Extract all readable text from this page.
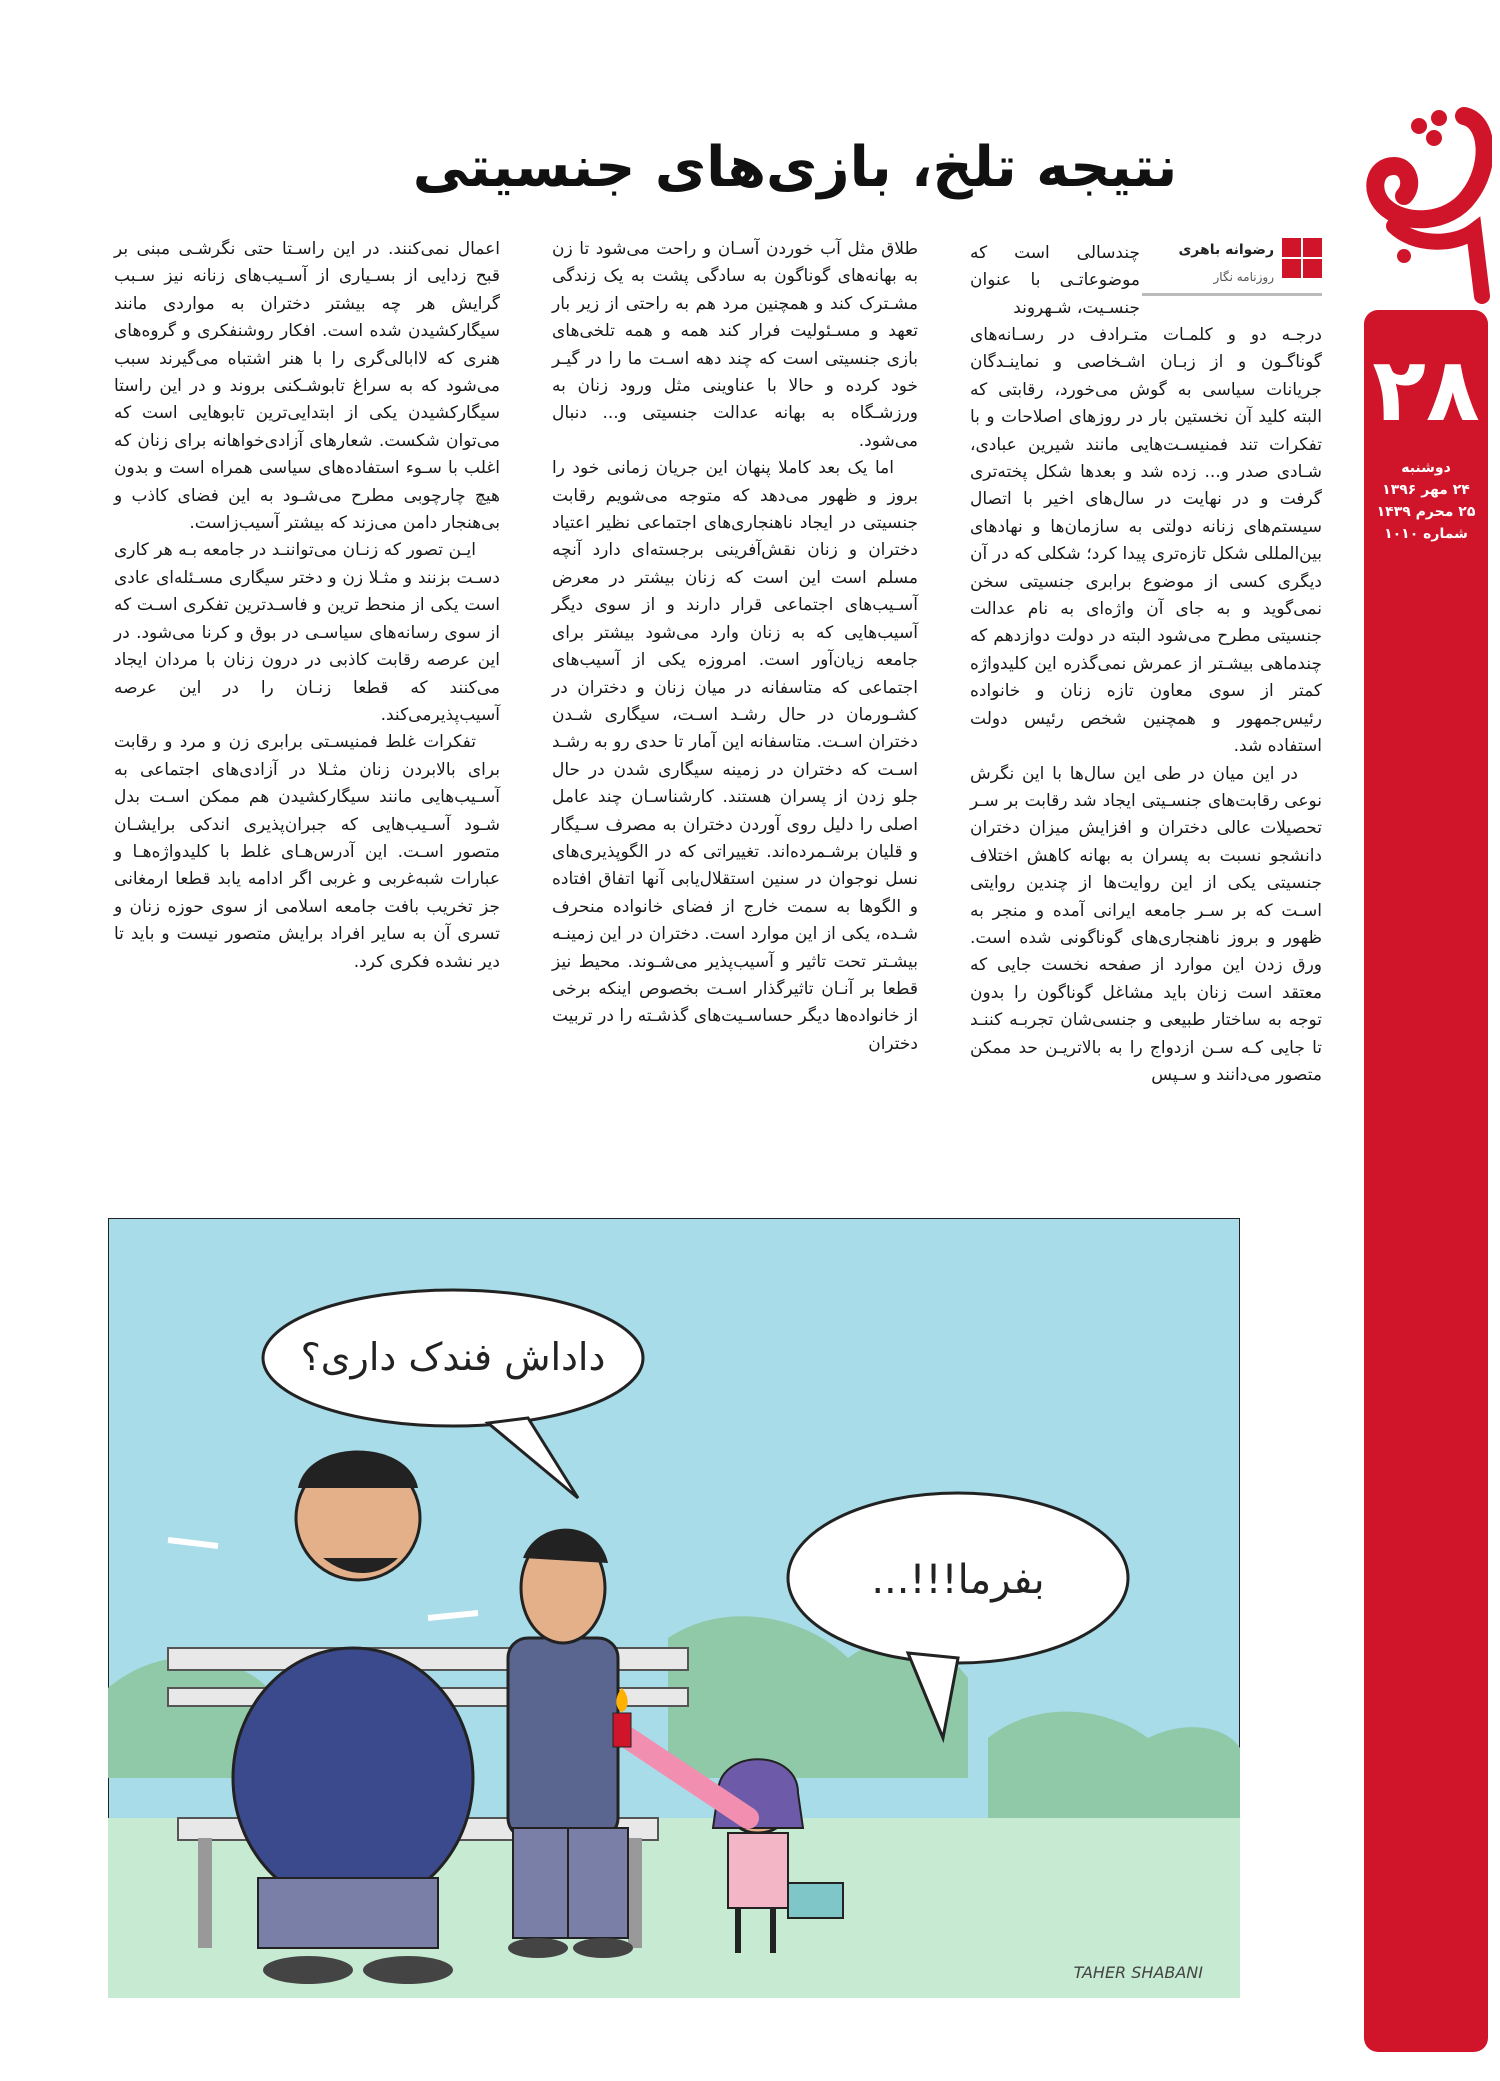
۲۸
دوشنبه
۲۴ مهر ۱۳۹۶
۲۵ محرم ۱۴۳۹
شماره ۱۰۱۰
نتیجه تلخ، بازی‌های جنسیتی
رضوانه باهری
روزنامه نگار

چندسالی است که موضوعاتـی با عنوان جنسـیت، شـهروند

درجـه دو و کلمـات متـرادف در رسـانه‌های گوناگـون و از زبـان اشـخاصی و نماینـدگان جریانات سیاسی به گوش می‌خورد، رقابتی که البته کلید آن نخستین بار در روزهای اصلاحات و با تفکرات تند فمنیسـت‌هایی مانند شیرین عبادی، شـادی صدر و... زده شد و بعدها شکل پخته‌تری گرفت و در نهایت در سال‌های اخیر با اتصال سیستم‌های زنانه دولتی به سازمان‌ها و نهادهای بین‌المللی شکل تازه‌تری پیدا کرد؛ شکلی که در آن دیگری کسی از موضوع برابری جنسیتی سخن نمی‌گوید و به جای آن واژه‌ای به نام عدالت جنسیتی مطرح می‌شود البته در دولت دوازدهم که چندماهی بیشـتر از عمرش نمی‌گذره این کلیدواژه کمتر از سوی معاون تازه زنان و خانواده رئیس‌جمهور و همچنین شخص رئیس دولت استفاده شد.

در این میان در طی این سال‌ها با این نگرش نوعی رقابت‌های جنسـیتی ایجاد شد رقابت بر سـر تحصیلات عالی دختران و افزایش میزان دختران دانشجو نسبت به پسران به بهانه کاهش اختلاف جنسیتی یکی از این روایت‌ها از چندین روایتی اسـت که بر سـر جامعه ایرانی آمده و منجر به ظهور و بروز ناهنجاری‌های گوناگونی شده است. ورق زدن این موارد از صفحه نخست جایی که معتقد است زنان باید مشاغل گوناگون را بدون توجه به ساختار طبیعی و جنسی‌شان تجربـه کننـد تا جایی کـه سـن ازدواج را به بالاتریـن حد ممکن متصور می‌دانند و سـپس

طلاق مثل آب خوردن آسـان و راحت می‌شود تا زن به بهانه‌های گوناگون به سادگی پشت به یک زندگی مشـترک کند و همچنین مرد هم به راحتی از زیر بار تعهد و مسـئولیت فرار کند همه و همه تلخی‌های بازی جنسیتی است که چند دهه اسـت ما را در گیـر خود کرده و حالا با عناوینی مثل ورود زنان به ورزشـگاه به بهانه عدالت جنسیتی و... دنبال می‌شود.

اما یک بعد کاملا پنهان این جریان زمانی خود را بروز و ظهور می‌دهد که متوجه می‌شویم رقابت جنسیتی در ایجاد ناهنجاری‌های اجتماعی نظیر اعتیاد دختران و زنان نقش‌آفرینی برجسته‌ای دارد آنچه مسلم است این است که زنان بیشتر در معرض آسـیب‌های اجتماعی قرار دارند و از سوی دیگر آسیب‌هایی که به زنان وارد می‌شود بیشتر برای جامعه زیان‌آور است. امروزه یکی از آسیب‌های اجتماعی که متاسفانه در میان زنان و دختران در کشـورمان در حال رشـد اسـت، سیگاری شـدن دختران اسـت. متاسفانه این آمار تا حدی رو به رشـد اسـت که دختران در زمینه سیگاری شدن در حال جلو زدن از پسران هستند. کارشناسـان چند عامل اصلی را دلیل روی آوردن دختران به مصرف سـیگار و قلیان برشـمرده‌اند. تغییراتی که در الگوپذیری‌های نسل نوجوان در سنین استقلال‌یابی آنها اتفاق افتاده و الگوها به سمت خارج از فضای خانواده منحرف شـده، یکی از این موارد است. دختران در این زمینـه بیشـتر تحت تاثیر و آسیب‌پذیر می‌شـوند. محیط نیز قطعا بر آنـان تاثیرگذار اسـت بخصوص اینکه برخی از خانواده‌ها دیگر حساسـیت‌های گذشـته را در تربیت دختران

اعمال نمی‌کنند. در این راسـتا حتی نگرشـی مبنی بر قبح زدایی از بسـیاری از آسـیب‌های زنانه نیز سـبب گرایش هر چه بیشتر دختران به مواردی مانند سیگارکشیدن شده است. افکار روشنفکری و گروه‌های هنری که لاابالی‌گری را با هنر اشتباه می‌گیرند سبب می‌شود که به سراغ تابوشـکنی بروند و در این راستا سیگارکشیدن یکی از ابتدایی‌ترین تابوهایی است که می‌توان شکست. شعارهای آزادی‌خواهانه برای زنان که اغلب با سـوء استفاده‌های سیاسی همراه است و بدون هیچ چارچوبی مطرح می‌شـود به این فضای کاذب و بی‌هنجار دامن می‌زند که بیشتر آسیب‌زاست.

ایـن تصور که زنـان می‌تواننـد در جامعه بـه هر کاری دسـت بزنند و مثـلا زن و دختر سیگاری مسـئله‌ای عادی است یکی از منحط ترین و فاسـدترین تفکری اسـت که از سوی رسانه‌های سیاسـی در بوق و کرنا می‌شود. در این عرصه رقابت کاذبی در درون زنان با مردان ایجاد می‌کنند که قطعا زنـان را در این عرصه آسیب‌پذیرمی‌کند.

تفکرات غلط فمنیسـتی برابری زن و مرد و رقابت برای بالابردن زنان مثـلا در آزادی‌های اجتماعی به آسـیب‌هایی مانند سیگارکشیدن هم ممکن اسـت بدل شـود آسـیب‌هایی که جبران‌پذیری اندکی برایشـان متصور اسـت. این آدرس‌هـای غلط با کلیدواژه‌هـا و عبارات شبه‌غربی و غربی اگر ادامه یابد قطعا ارمغانی جز تخریب بافت جامعه اسلامی از سوی حوزه زنان و تسری آن به سایر افراد برایش متصور نیست و باید تا دیر نشده فکری کرد.

داداش فندک داری؟
بفرما!!!...
TAHER SHABANI
